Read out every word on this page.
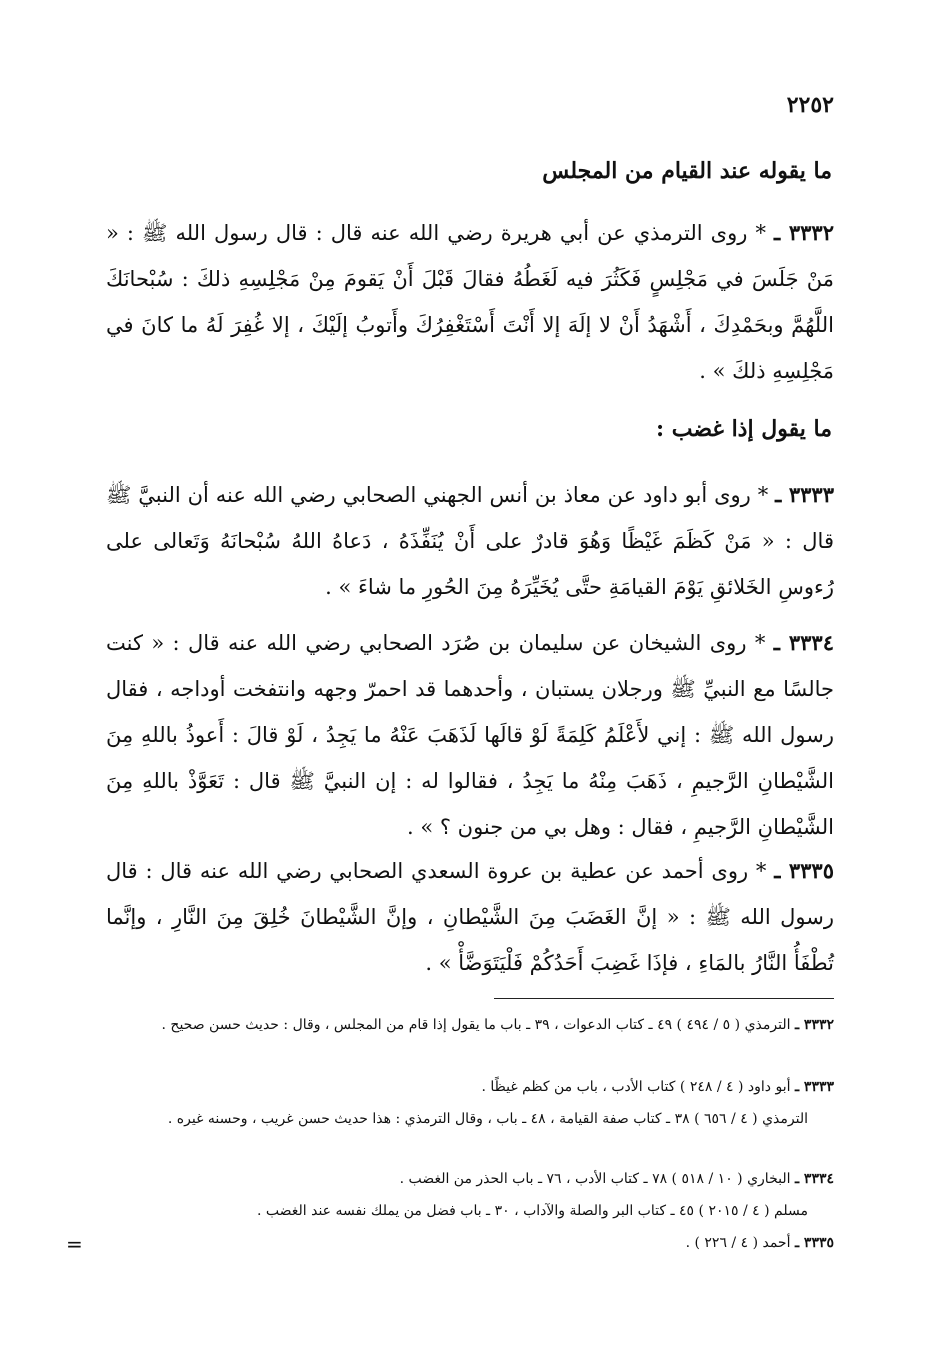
٢٢٥٢
ما يقوله عند القيام من المجلس

٣٣٣٢ ـ * روى الترمذي عن أبي هريرة رضي الله عنه قال : قال رسول الله ﷺ : « مَنْ جَلَسَ في مَجْلِسٍ فَكَثُرَ فيه لَغَطُهُ فقالَ قَبْلَ أَنْ يَقومَ مِنْ مَجْلِسِهِ ذلكَ : سُبْحانَكَ اللَّهُمَّ وبحَمْدِكَ ، أَشْهَدُ أَنْ لا إلَهَ إلا أَنْتَ أَسْتَغْفِرُكَ وأَتوبُ إلَيْكَ ، إلا غُفِرَ لَهُ ما كانَ في مَجْلِسِهِ ذلكَ » .

ما يقول إذا غضب :

٣٣٣٣ ـ * روى أبو داود عن معاذ بن أنس الجهني الصحابي رضي الله عنه أن النبيَّ ﷺ قال : « مَنْ كَظَمَ غَيْظًا وَهُوَ قادرٌ على أَنْ يُنَفِّذَهُ ، دَعاهُ اللهُ سُبْحانَهُ وَتَعالى على رُءوسِ الخَلائقِ يَوْمَ القيامَةِ حتَّى يُخَيِّرَهُ مِنَ الحُورِ ما شاءَ » .

٣٣٣٤ ـ * روى الشيخان عن سليمان بن صُرَد الصحابي رضي الله عنه قال : « كنت جالسًا مع النبيِّ ﷺ ورجلان يستبان ، وأحدهما قد احمرّ وجهه وانتفخت أوداجه ، فقال رسول الله ﷺ : إني لأَعْلَمُ كَلِمَةً لَوْ قالَها لَذَهَبَ عَنْهُ ما يَجِدُ ، لَوْ قالَ : أَعوذُ باللهِ مِنَ الشَّيْطانِ الرَّجيمِ ، ذَهَبَ مِنْهُ ما يَجِدُ ، فقالوا له : إن النبيَّ ﷺ قال : تَعَوَّذْ باللهِ مِنَ الشَّيْطانِ الرَّجيمِ ، فقال : وهل بي من جنون ؟ » .

٣٣٣٥ ـ * روى أحمد عن عطية بن عروة السعدي الصحابي رضي الله عنه قال : قال رسول الله ﷺ : « إنَّ الغَضَبَ مِنَ الشَّيْطانِ ، وإنَّ الشَّيْطانَ خُلِقَ مِنَ النَّارِ ، وإنَّما تُطْفَأُ النَّارُ بالمَاءِ ، فإذَا غَضِبَ أَحَدُكُمْ فَلْيَتَوَضَّأْ » .

٣٣٣٢ ـ الترمذي ( ٥ / ٤٩٤ ) ٤٩ ـ كتاب الدعوات ، ٣٩ ـ باب ما يقول إذا قام من المجلس ، وقال : حديث حسن صحيح .

٣٣٣٣ ـ أبو داود ( ٤ / ٢٤٨ ) كتاب الأدب ، باب من كظم غيظًا .

الترمذي ( ٤ / ٦٥٦ ) ٣٨ ـ كتاب صفة القيامة ، ٤٨ ـ باب ، وقال الترمذي : هذا حديث حسن غريب ، وحسنه غيره .

٣٣٣٤ ـ البخاري ( ١٠ / ٥١٨ ) ٧٨ ـ كتاب الأدب ، ٧٦ ـ باب الحذر من الغضب .

مسلم ( ٤ / ٢٠١٥ ) ٤٥ ـ كتاب البر والصلة والآداب ، ٣٠ ـ باب فضل من يملك نفسه عند الغضب .

٣٣٣٥ ـ أحمد ( ٤ / ٢٢٦ ) .

=
